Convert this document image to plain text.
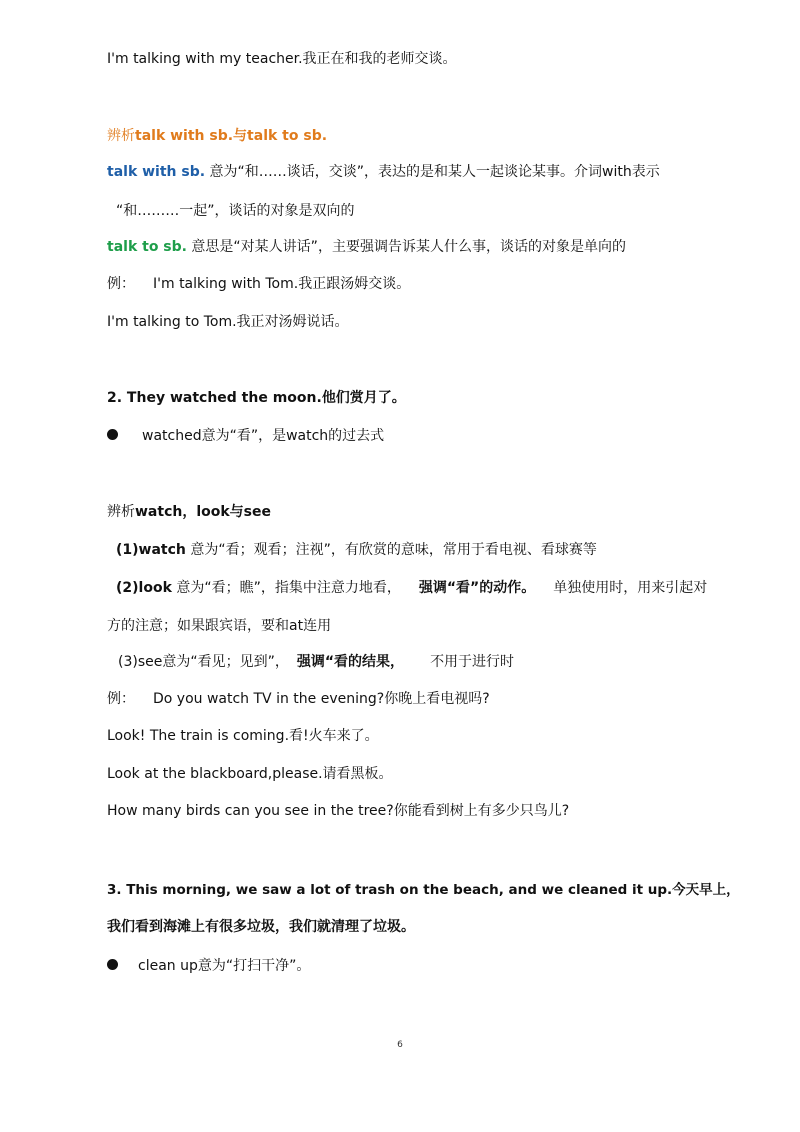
I'm talking with my teacher.我正在和我的老师交谈。
辨析talk with sb.与talk to sb.
talk with sb. 意为“和……谈话，交谈”，表达的是和某人一起谈论某事。介词with表示
“和………一起”，谈话的对象是双向的
talk to sb. 意思是“对某人讲话”，主要强调告诉某人什么事，谈话的对象是单向的
例： I'm talking with Tom.我正跟汤姆交谈。
I'm talking to Tom.我正对汤姆说话。
2. They watched the moon.他们赏月了。
watched意为“看”，是watch的过去式
辨析watch，look与see
(1)watch 意为“看；观看；注视”，有欣赏的意味，常用于看电视、看球赛等
(2)look 意为“看；瞧”，指集中注意力地看， 强调“看”的动作。 单独使用时，用来引起对
方的注意；如果跟宾语，要和at连用
(3)see意为“看见；见到”， 强调“看的结果， 不用于进行时
例： Do you watch TV in the evening?你晚上看电视吗?
Look! The train is coming.看!火车来了。
Look at the blackboard,please.请看黑板。
How many birds can you see in the tree?你能看到树上有多少只鸟儿?
3. This morning, we saw a lot of trash on the beach, and we cleaned it up.今天早上，
我们看到海滩上有很多垃圾，我们就清理了垃圾。
clean up意为“打扫干净”。
6
